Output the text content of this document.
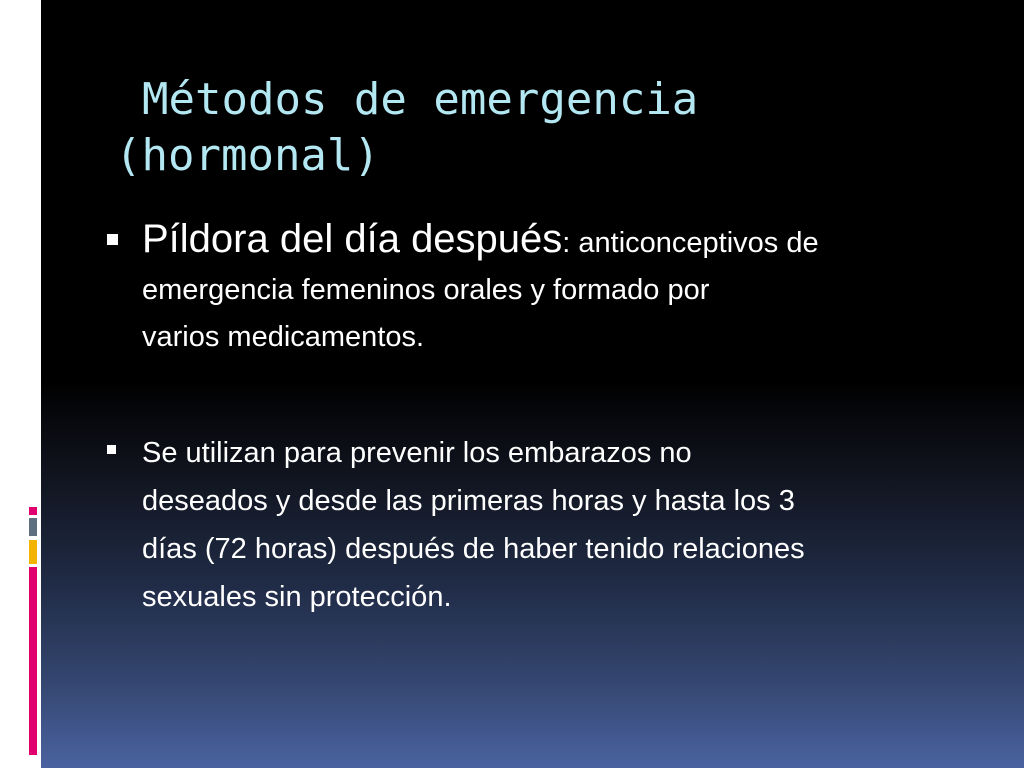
Métodos de emergencia
(hormonal)
Píldora del día después: anticonceptivos de
emergencia femeninos orales y formado por
varios medicamentos.
Se utilizan para prevenir los embarazos no
deseados y desde las primeras horas y hasta los 3
días (72 horas) después de haber tenido relaciones
sexuales sin protección.
